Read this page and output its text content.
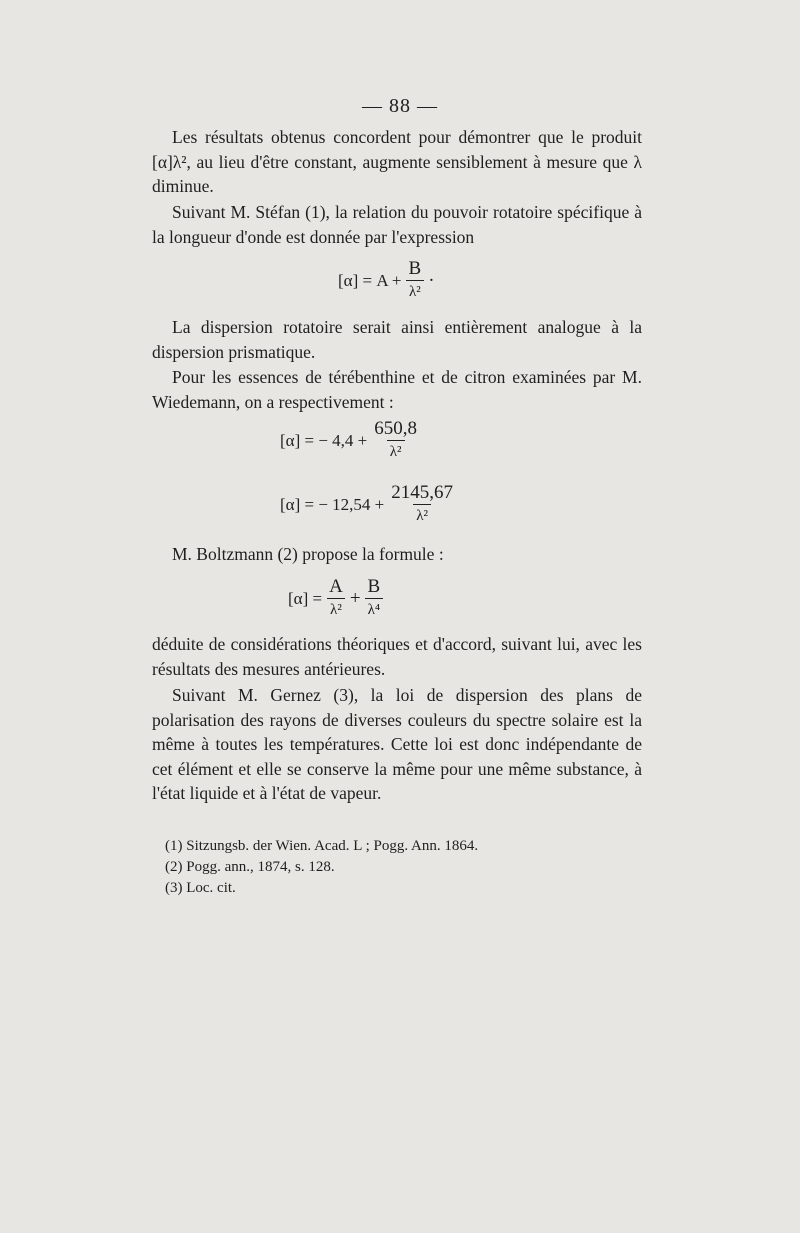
— 88 —

Les résultats obtenus concordent pour démontrer que le produit [α]λ², au lieu d'être constant, augmente sensiblement à mesure que λ diminue.

Suivant M. Stéfan (1), la relation du pouvoir rotatoire spécifique à la longueur d'onde est donnée par l'expression

$[\alpha] = A + \frac{B}{\text{λ²}}$ ·

La dispersion rotatoire serait ainsi entièrement analogue à la dispersion prismatique.

Pour les essences de térébenthine et de citron examinées par M. Wiedemann, on a respectivement :

[α] = − $4,4 + \frac{650,8}{\text{λ²}}$
[α] = − $12,54 + \frac{2145,67}{\text{λ²}}$

M. Boltzmann (2) propose la formule :

$[\alpha] = \frac{A}{\text{λ²}} + \frac{B}{\text{λ⁴}}$

déduite de considérations théoriques et d'accord, suivant lui, avec les résultats des mesures antérieures.

Suivant M. Gernez (3), la loi de dispersion des plans de polarisation des rayons de diverses couleurs du spectre solaire est la même à toutes les températures. Cette loi est donc indépendante de cet élément et elle se conserve la même pour une même substance, à l'état liquide et à l'état de vapeur.

(1) Sitzungsb. der Wien. Acad. L ; Pogg. Ann. 1864.
(2) Pogg. ann., 1874, s. 128.
(3) Loc. cit.
